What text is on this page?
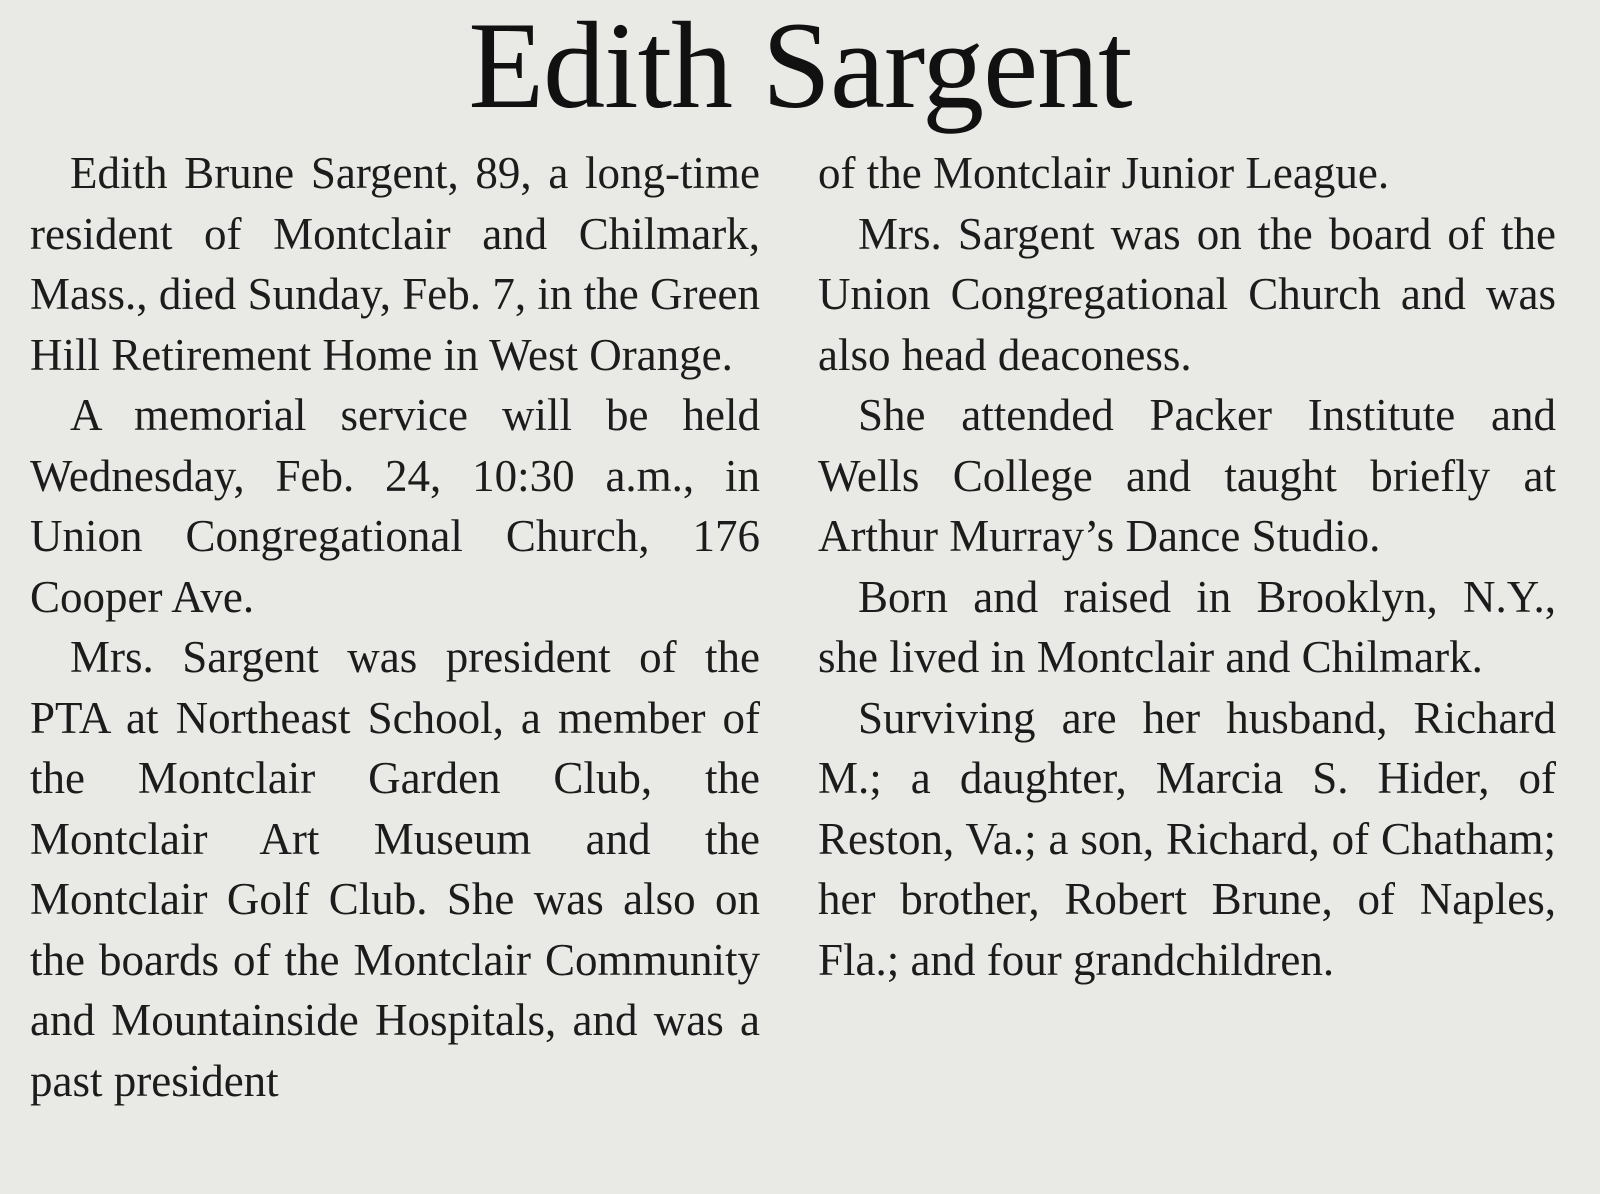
Edith Sargent

Edith Brune Sargent, 89, a long-time resident of Montclair and Chilmark, Mass., died Sunday, Feb. 7, in the Green Hill Retirement Home in West Orange.

A memorial service will be held Wednesday, Feb. 24, 10:30 a.m., in Union Congregational Church, 176 Cooper Ave.

Mrs. Sargent was president of the PTA at Northeast School, a member of the Montclair Garden Club, the Montclair Art Museum and the Montclair Golf Club. She was also on the boards of the Montclair Community and Mountainside Hospitals, and was a past president

of the Montclair Junior League.

Mrs. Sargent was on the board of the Union Congregational Church and was also head deaconess.

She attended Packer Institute and Wells College and taught briefly at Arthur Murray’s Dance Studio.

Born and raised in Brooklyn, N.Y., she lived in Montclair and Chilmark.

Surviving are her husband, Richard M.; a daughter, Marcia S. Hider, of Reston, Va.; a son, Richard, of Chatham; her brother, Robert Brune, of Naples, Fla.; and four grandchildren.
